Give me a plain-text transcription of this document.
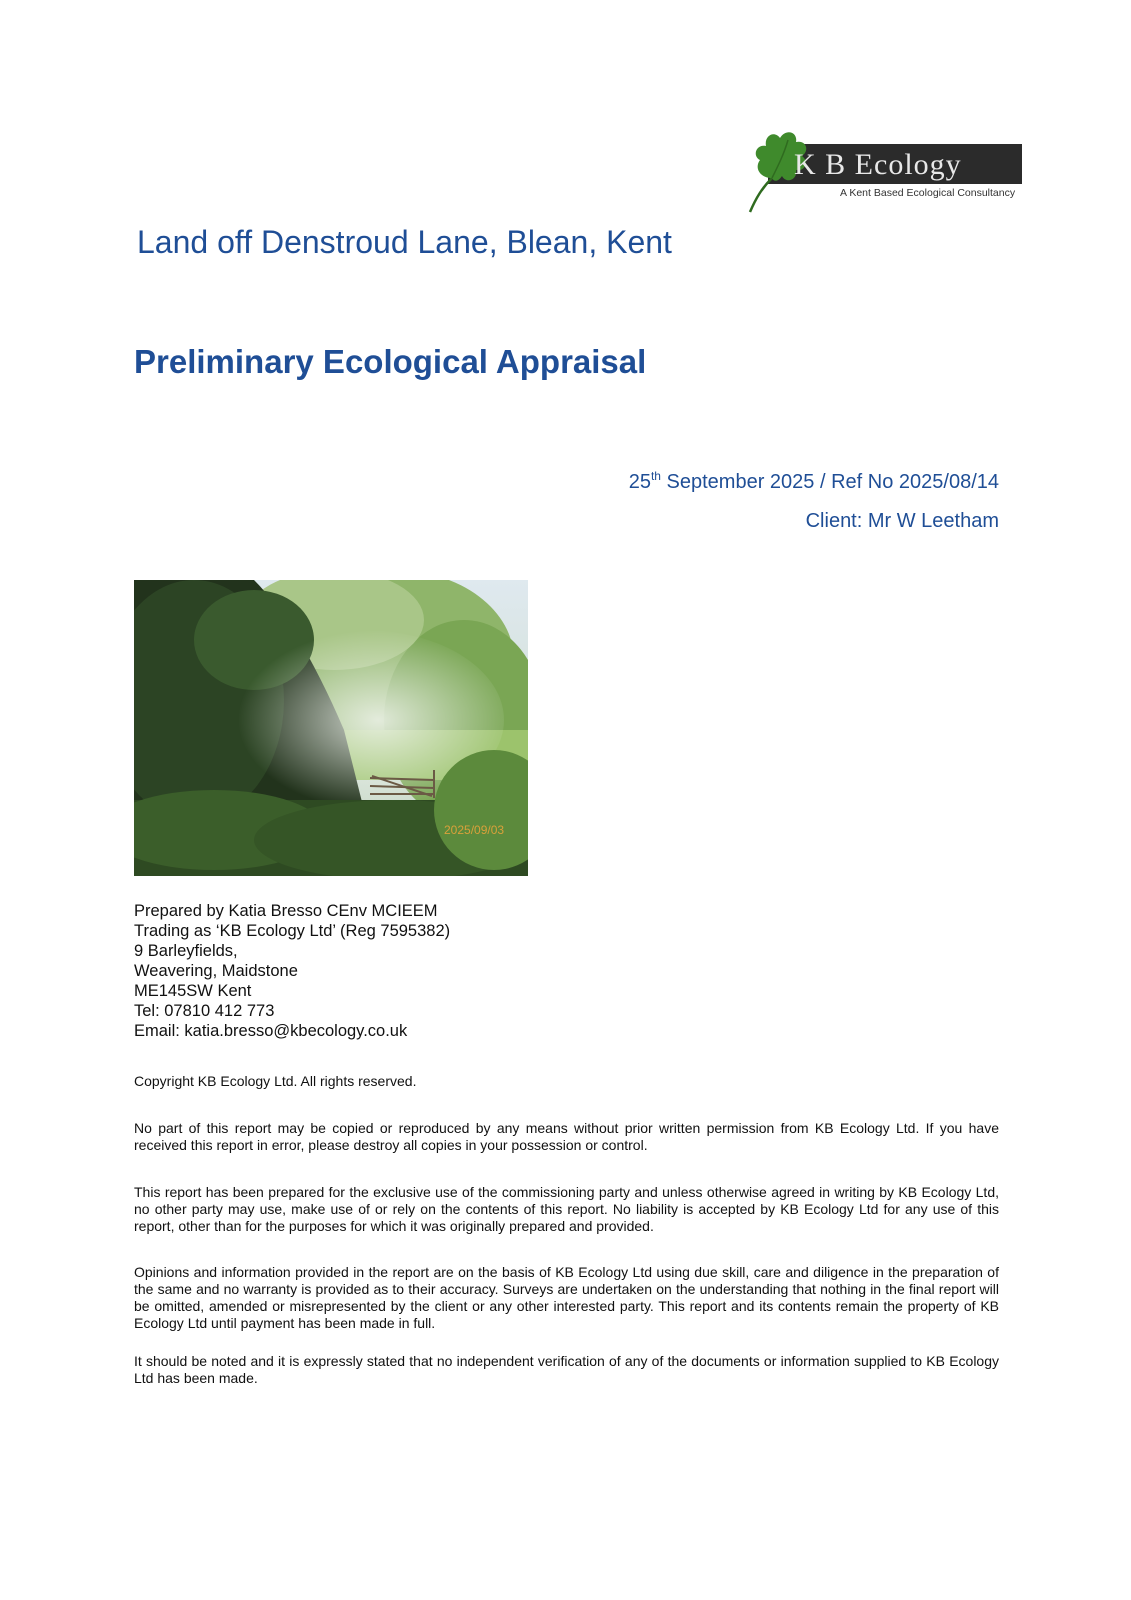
K B Ecology
A Kent Based Ecological Consultancy
Land off Denstroud Lane, Blean, Kent
Preliminary Ecological Appraisal
25th September 2025 / Ref No 2025/08/14
Client: Mr W Leetham
2025/09/03
Prepared by Katia Bresso CEnv MCIEEM
Trading as ‘KB Ecology Ltd’ (Reg 7595382)
9 Barleyfields,
Weavering, Maidstone
ME145SW Kent
Tel: 07810 412 773
Email: katia.bresso@kbecology.co.uk
Copyright KB Ecology Ltd. All rights reserved.
No part of this report may be copied or reproduced by any means without prior written permission from KB Ecology Ltd. If you have received this report in error, please destroy all copies in your possession or control.
This report has been prepared for the exclusive use of the commissioning party and unless otherwise agreed in writing by KB Ecology Ltd, no other party may use, make use of or rely on the contents of this report. No liability is accepted by KB Ecology Ltd for any use of this report, other than for the purposes for which it was originally prepared and provided.
Opinions and information provided in the report are on the basis of KB Ecology Ltd using due skill, care and diligence in the preparation of the same and no warranty is provided as to their accuracy. Surveys are undertaken on the understanding that nothing in the final report will be omitted, amended or misrepresented by the client or any other interested party. This report and its contents remain the property of KB Ecology Ltd until payment has been made in full.
It should be noted and it is expressly stated that no independent verification of any of the documents or information supplied to KB Ecology Ltd has been made.
